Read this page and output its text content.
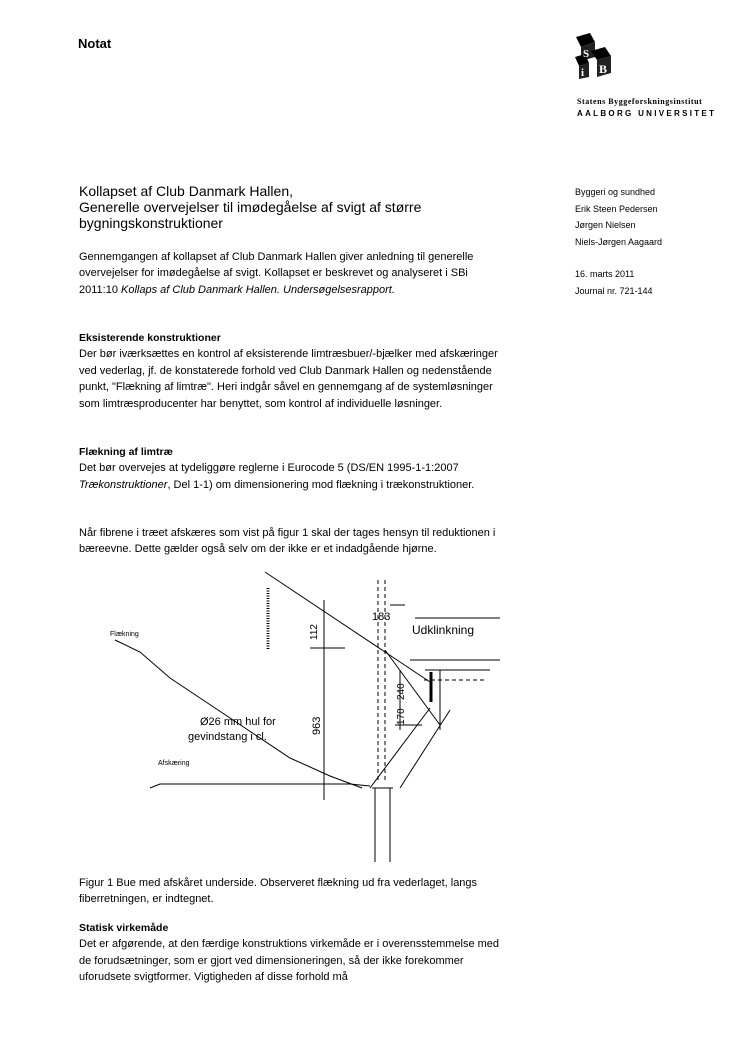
Notat
S
B
i
Statens Byggeforskningsinstitut
AALBORG UNIVERSITET
Kollapset af Club Danmark Hallen,
Generelle overvejelser til imødegåelse af svigt af større
bygningskonstruktioner
Byggeri og sundhed
Erik Steen Pedersen
Jørgen Nielsen
Niels-Jørgen Aagaard
16. marts 2011
Journal nr. 721-144
Gennemgangen af kollapset af Club Danmark Hallen giver anledning til generelle overvejelser for imødegåelse af svigt. Kollapset er beskrevet og analyseret i SBi 2011:10 Kollaps af Club Danmark Hallen. Undersøgelsesrapport.
Eksisterende konstruktioner
Der bør iværksættes en kontrol af eksisterende limtræsbuer/-bjælker med afskæringer ved vederlag, jf. de konstaterede forhold ved Club Danmark Hallen og nedenstående punkt, "Flækning af limtræ". Heri indgår såvel en gennemgang af de systemløsninger som limtræsproducenter har benyttet, som kontrol af individuelle løsninger.
Flækning af limtræ
Det bør overvejes at tydeliggøre reglerne i Eurocode 5 (DS/EN 1995-1-1:2007 Trækonstruktioner, Del 1-1) om dimensionering mod flækning i trækonstruktioner.
Når fibrene i træet afskæres som vist på figur 1 skal der tages hensyn til reduktionen i bæreevne. Dette gælder også selv om der ikke er et indadgående hjørne.
Flækning
Afskæring
Udklinkning
Ø26 mm hul for
gevindstang i cl.
183
112
240
170
963
Figur 1 Bue med afskåret underside. Observeret flækning ud fra vederlaget, langs fiberretningen, er indtegnet.
Statisk virkemåde
Det er afgørende, at den færdige konstruktions virkemåde er i overensstemmelse med de forudsætninger, som er gjort ved dimensioneringen, så der ikke forekommer uforudsete svigtformer. Vigtigheden af disse forhold må
